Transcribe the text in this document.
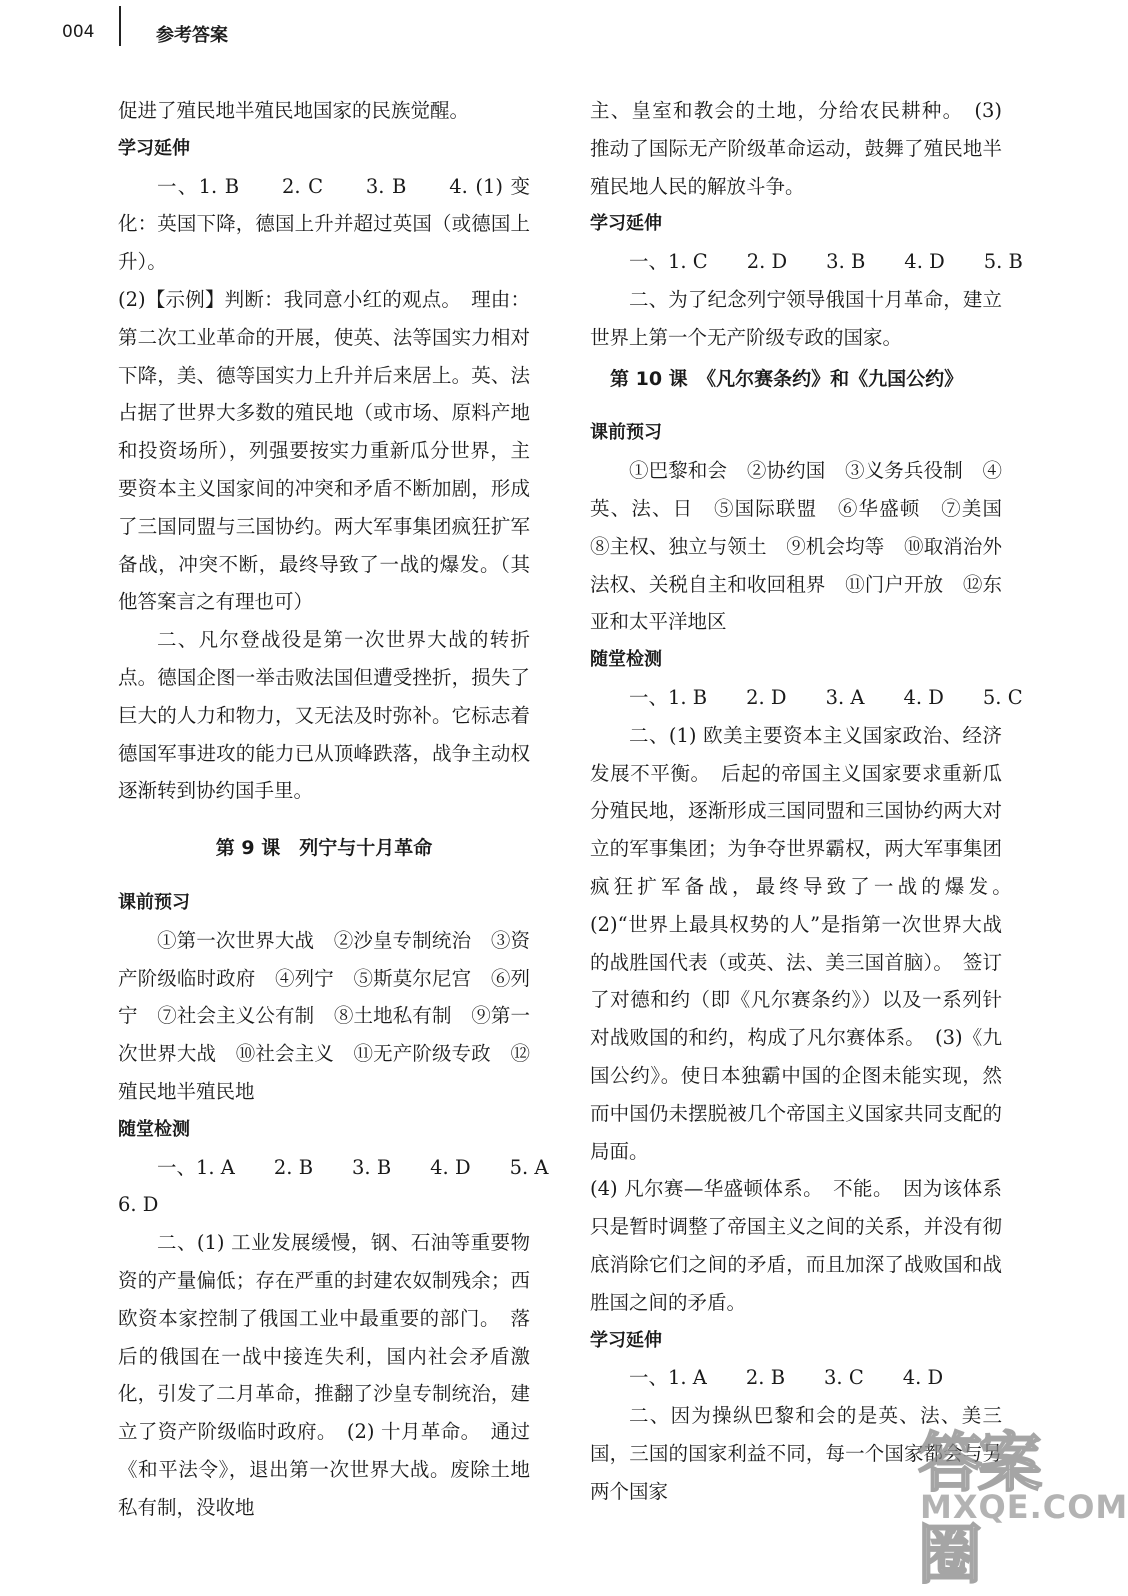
004	参考答案

促进了殖民地半殖民地国家的民族觉醒。

学习延伸

一、1. B　　2. C　　3. B　　4. (1) 变化：英国下降，德国上升并超过英国（或德国上升）。

(2)【示例】判断：我同意小红的观点。　理由：第二次工业革命的开展，使英、法等国实力相对下降，美、德等国实力上升并后来居上。英、法占据了世界大多数的殖民地（或市场、原料产地和投资场所），列强要按实力重新瓜分世界，主要资本主义国家间的冲突和矛盾不断加剧，形成了三国同盟与三国协约。两大军事集团疯狂扩军备战，冲突不断，最终导致了一战的爆发。（其他答案言之有理也可）

二、凡尔登战役是第一次世界大战的转折点。德国企图一举击败法国但遭受挫折，损失了巨大的人力和物力，又无法及时弥补。它标志着德国军事进攻的能力已从顶峰跌落，战争主动权逐渐转到协约国手里。

第 9 课　列宁与十月革命

课前预习

①第一次世界大战　②沙皇专制统治　③资产阶级临时政府　④列宁　⑤斯莫尔尼宫　⑥列宁　⑦社会主义公有制　⑧土地私有制　⑨第一次世界大战　⑩社会主义　⑪无产阶级专政　⑫殖民地半殖民地

随堂检测

　　一、1. A　　2. B　　3. B　　4. D　　5. A

6. D

二、(1) 工业发展缓慢，钢、石油等重要物资的产量偏低；存在严重的封建农奴制残余；西欧资本家控制了俄国工业中最重要的部门。　落后的俄国在一战中接连失利，国内社会矛盾激化，引发了二月革命，推翻了沙皇专制统治，建立了资产阶级临时政府。　(2) 十月革命。　通过《和平法令》，退出第一次世界大战。废除土地私有制，没收地

主、皇室和教会的土地，分给农民耕种。　(3) 推动了国际无产阶级革命运动，鼓舞了殖民地半殖民地人民的解放斗争。

学习延伸

　　一、1. C　　2. D　　3. B　　4. D　　5. B

二、为了纪念列宁领导俄国十月革命，建立世界上第一个无产阶级专政的国家。

第 10 课　《凡尔赛条约》和《九国公约》

课前预习

①巴黎和会　②协约国　③义务兵役制　④英、法、日　⑤国际联盟　⑥华盛顿　⑦美国　⑧主权、独立与领土　⑨机会均等　⑩取消治外法权、关税自主和收回租界　⑪门户开放　⑫东亚和太平洋地区

随堂检测

　　一、1. B　　2. D　　3. A　　4. D　　5. C

二、(1) 欧美主要资本主义国家政治、经济发展不平衡。　后起的帝国主义国家要求重新瓜分殖民地，逐渐形成三国同盟和三国协约两大对立的军事集团；为争夺世界霸权，两大军事集团疯狂扩军备战，最终导致了一战的爆发。　(2)“世界上最具权势的人”是指第一次世界大战的战胜国代表（或英、法、美三国首脑）。　签订了对德和约（即《凡尔赛条约》）以及一系列针对战败国的和约，构成了凡尔赛体系。　(3)《九国公约》。使日本独霸中国的企图未能实现，然而中国仍未摆脱被几个帝国主义国家共同支配的局面。

(4) 凡尔赛—华盛顿体系。　不能。　因为该体系只是暂时调整了帝国主义之间的关系，并没有彻底消除它们之间的矛盾，而且加深了战败国和战胜国之间的矛盾。

学习延伸

　　一、1. A　　2. B　　3. C　　4. D

二、因为操纵巴黎和会的是英、法、美三国，三国的国家利益不同，每一个国家都会与另两个国家	答案圈
MXQE.COM
